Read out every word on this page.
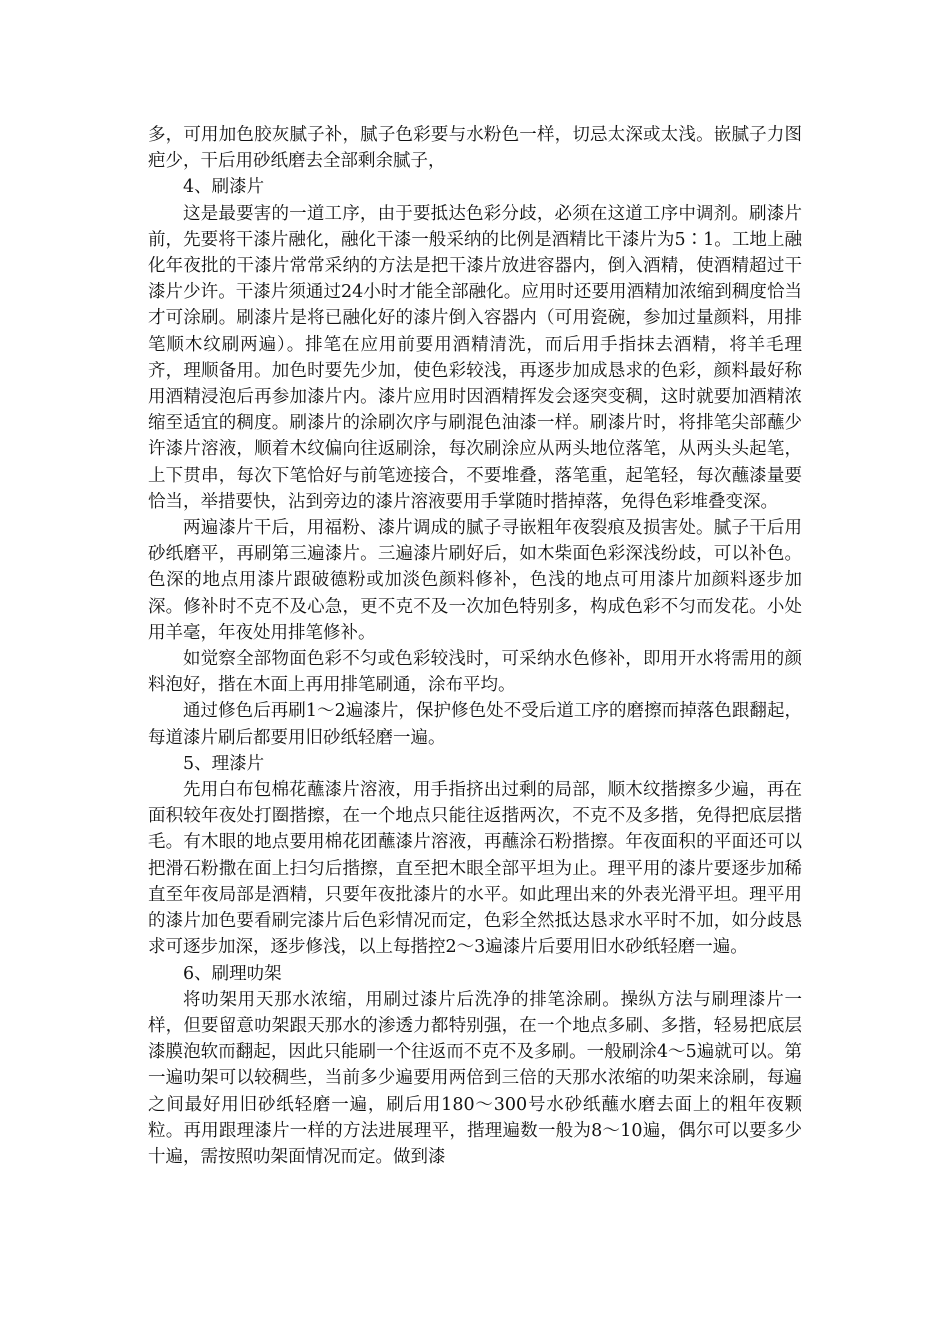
多，可用加色胶灰腻子补，腻子色彩要与水粉色一样，切忌太深或太浅。嵌腻子力图疤少，干后用砂纸磨去全部剩余腻子，

4、刷漆片

这是最要害的一道工序，由于要抵达色彩分歧，必须在这道工序中调剂。刷漆片前，先要将干漆片融化，融化干漆一般采纳的比例是酒精比干漆片为5∶1。工地上融化年夜批的干漆片常常采纳的方法是把干漆片放进容器内，倒入酒精，使酒精超过干漆片少许。干漆片须通过24小时才能全部融化。应用时还要用酒精加浓缩到稠度恰当才可涂刷。刷漆片是将已融化好的漆片倒入容器内（可用瓷碗，参加过量颜料，用排笔顺木纹刷两遍）。排笔在应用前要用酒精清洗，而后用手指抹去酒精，将羊毛理齐，理顺备用。加色时要先少加，使色彩较浅，再逐步加成恳求的色彩，颜料最好称用酒精浸泡后再参加漆片内。漆片应用时因酒精挥发会逐突变稠，这时就要加酒精浓缩至适宜的稠度。刷漆片的涂刷次序与刷混色油漆一样。刷漆片时，将排笔尖部蘸少许漆片溶液，顺着木纹偏向往返刷涂，每次刷涂应从两头地位落笔，从两头头起笔，上下贯串，每次下笔恰好与前笔迹接合，不要堆叠，落笔重，起笔轻，每次蘸漆量要恰当，举措要快，沾到旁边的漆片溶液要用手掌随时揩掉落，免得色彩堆叠变深。

两遍漆片干后，用福粉、漆片调成的腻子寻嵌粗年夜裂痕及损害处。腻子干后用砂纸磨平，再刷第三遍漆片。三遍漆片刷好后，如木柴面色彩深浅纷歧，可以补色。色深的地点用漆片跟破德粉或加淡色颜料修补，色浅的地点可用漆片加颜料逐步加深。修补时不克不及心急，更不克不及一次加色特别多，构成色彩不匀而发花。小处用羊毫，年夜处用排笔修补。

如觉察全部物面色彩不匀或色彩较浅时，可采纳水色修补，即用开水将需用的颜料泡好，揩在木面上再用排笔刷通，涂布平均。

通过修色后再刷1～2遍漆片，保护修色处不受后道工序的磨擦而掉落色跟翻起，每道漆片刷后都要用旧砂纸轻磨一遍。

5、理漆片

先用白布包棉花蘸漆片溶液，用手指挤出过剩的局部，顺木纹揩擦多少遍，再在面积较年夜处打圈揩擦，在一个地点只能往返揩两次，不克不及多揩，免得把底层揩毛。有木眼的地点要用棉花团蘸漆片溶液，再蘸涂石粉揩擦。年夜面积的平面还可以把滑石粉撒在面上扫匀后揩擦，直至把木眼全部平坦为止。理平用的漆片要逐步加稀直至年夜局部是酒精，只要年夜批漆片的水平。如此理出来的外表光滑平坦。理平用的漆片加色要看刷完漆片后色彩情况而定，色彩全然抵达恳求水平时不加，如分歧恳求可逐步加深，逐步修浅，以上每揩控2～3遍漆片后要用旧水砂纸轻磨一遍。

6、刷理叻架

将叻架用天那水浓缩，用刷过漆片后洗净的排笔涂刷。操纵方法与刷理漆片一样，但要留意叻架跟天那水的渗透力都特别强，在一个地点多刷、多揩，轻易把底层漆膜泡软而翻起，因此只能刷一个往返而不克不及多刷。一般刷涂4～5遍就可以。第一遍叻架可以较稠些，当前多少遍要用两倍到三倍的天那水浓缩的叻架来涂刷，每遍之间最好用旧砂纸轻磨一遍，刷后用180～300号水砂纸蘸水磨去面上的粗年夜颗粒。再用跟理漆片一样的方法进展理平，揩理遍数一般为8～10遍，偶尔可以要多少十遍，需按照叻架面情况而定。做到漆
